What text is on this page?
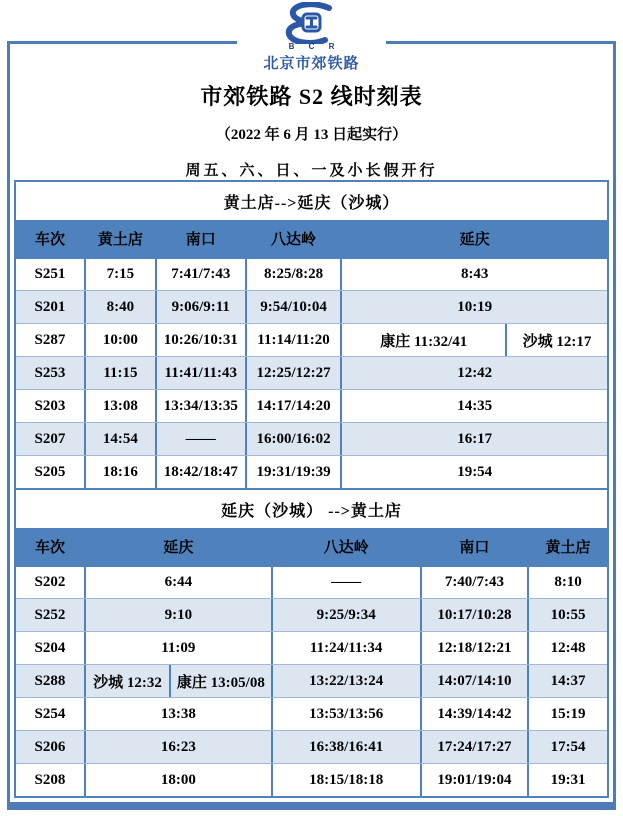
B C R
北京市郊铁路
市郊铁路 S2 线时刻表
（2022 年 6 月 13 日起实行）
周五、六、日、一及小长假开行
黄土店-->延庆（沙城）
车次	黄土店	南口	八达岭	延庆
S251	7:15	7:41/7:43	8:25/8:28	8:43
S201	8:40	9:06/9:11	9:54/10:04	10:19
S287	10:00	10:26/10:31	11:14/11:20	康庄 11:32/41	沙城 12:17
S253	11:15	11:41/11:43	12:25/12:27	12:42
S203	13:08	13:34/13:35	14:17/14:20	14:35
S207	14:54	——	16:00/16:02	16:17
S205	18:16	18:42/18:47	19:31/19:39	19:54
延庆（沙城） -->黄土店
车次	延庆	八达岭	南口	黄土店
S202	6:44	——	7:40/7:43	8:10
S252	9:10	9:25/9:34	10:17/10:28	10:55
S204	11:09	11:24/11:34	12:18/12:21	12:48
S288	沙城 12:32	康庄 13:05/08	13:22/13:24	14:07/14:10	14:37
S254	13:38	13:53/13:56	14:39/14:42	15:19
S206	16:23	16:38/16:41	17:24/17:27	17:54
S208	18:00	18:15/18:18	19:01/19:04	19:31
